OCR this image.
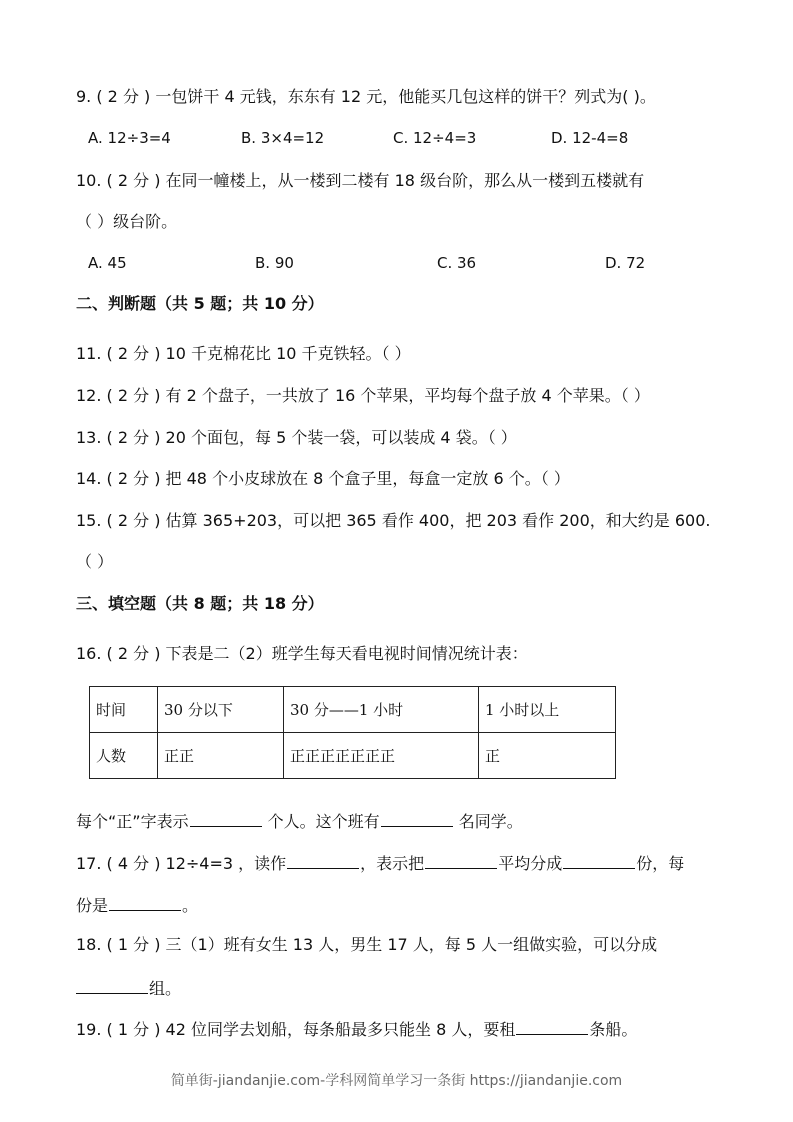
9. ( 2 分 ) 一包饼干 4 元钱，东东有 12 元，他能买几包这样的饼干？列式为( )。
A. 12÷3=4	B. 3×4=12	C. 12÷4=3	D. 12-4=8
10. ( 2 分 ) 在同一幢楼上，从一楼到二楼有 18 级台阶，那么从一楼到五楼就有
（ ）级台阶。
A. 45	B. 90	C. 36	D. 72
二、判断题（共 5 题；共 10 分）
11. ( 2 分 ) 10 千克棉花比 10 千克铁轻。（ ）
12. ( 2 分 ) 有 2 个盘子，一共放了 16 个苹果，平均每个盘子放 4 个苹果。（ ）
13. ( 2 分 ) 20 个面包，每 5 个装一袋，可以装成 4 袋。（ ）
14. ( 2 分 ) 把 48 个小皮球放在 8 个盒子里，每盒一定放 6 个。（ ）
15. ( 2 分 ) 估算 365+203，可以把 365 看作 400，把 203 看作 200，和大约是 600.
（ ）
三、填空题（共 8 题；共 18 分）
16. ( 2 分 ) 下表是二（2）班学生每天看电视时间情况统计表：
时间	30 分以下	30 分——1 小时	1 小时以上
人数	正正	正正正正正正正	正
每个“正”字表示	个人。这个班有	名同学。
17. ( 4 分 ) 12÷4=3 ，读作	，表示把	平均分成	份，每
份是	。
18. ( 1 分 ) 三（1）班有女生 13 人，男生 17 人，每 5 人一组做实验，可以分成
组。
19. ( 1 分 ) 42 位同学去划船，每条船最多只能坐 8 人，要租	条船。
简单街-jiandanjie.com-学科网简单学习一条街 https://jiandanjie.com
